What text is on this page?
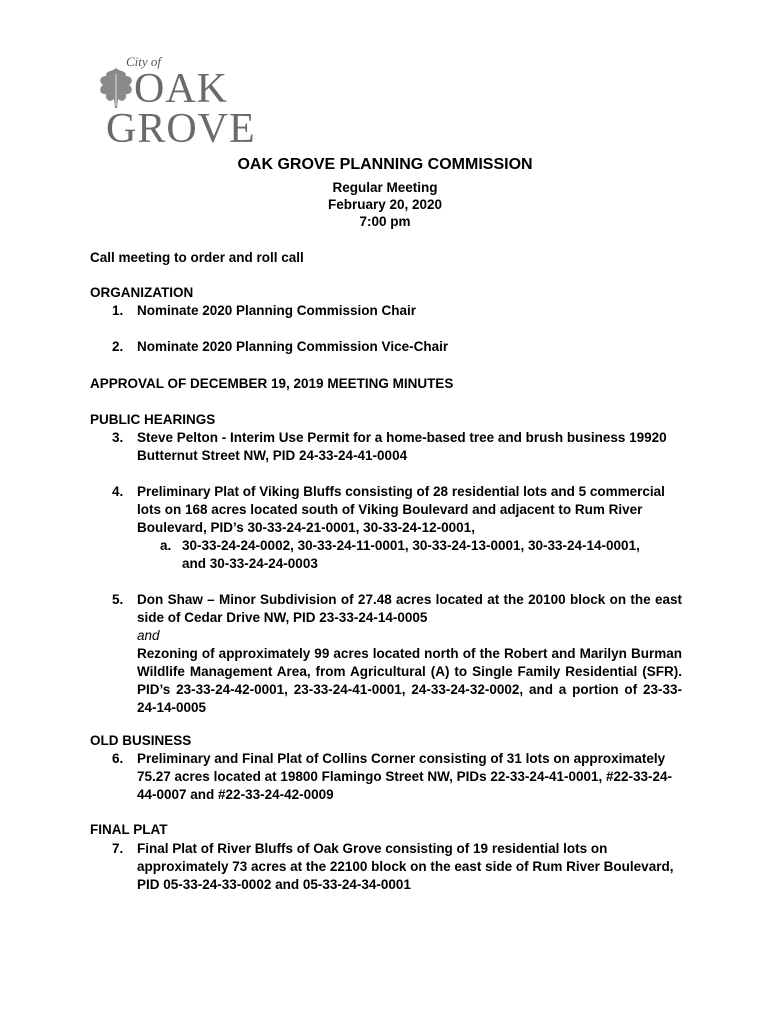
City of
OAK
GROVE
OAK GROVE PLANNING COMMISSION
Regular Meeting
February 20, 2020
7:00 pm
Call meeting to order and roll call
ORGANIZATION
1. Nominate 2020 Planning Commission Chair
2. Nominate 2020 Planning Commission Vice-Chair
APPROVAL OF DECEMBER 19, 2019 MEETING MINUTES
PUBLIC HEARINGS
3. Steve Pelton - Interim Use Permit for a home-based tree and brush business 19920 Butternut Street NW, PID 24-33-24-41-0004
4. Preliminary Plat of Viking Bluffs consisting of 28 residential lots and 5 commercial lots on 168 acres located south of Viking Boulevard and adjacent to Rum River Boulevard, PID’s 30-33-24-21-0001, 30-33-24-12-0001,
a. 30-33-24-24-0002, 30-33-24-11-0001, 30-33-24-13-0001, 30-33-24-14-0001, and 30-33-24-24-0003
5. Don Shaw – Minor Subdivision of 27.48 acres located at the 20100 block on the east side of Cedar Drive NW, PID 23-33-24-14-0005
and
Rezoning of approximately 99 acres located north of the Robert and Marilyn Burman Wildlife Management Area, from Agricultural (A) to Single Family Residential (SFR). PID’s 23-33-24-42-0001, 23-33-24-41-0001, 24-33-24-32-0002, and a portion of 23-33-24-14-0005
OLD BUSINESS
6. Preliminary and Final Plat of Collins Corner consisting of 31 lots on approximately 75.27 acres located at 19800 Flamingo Street NW, PIDs 22-33-24-41-0001, #22-33-24-44-0007 and #22-33-24-42-0009
FINAL PLAT
7. Final Plat of River Bluffs of Oak Grove consisting of 19 residential lots on approximately 73 acres at the 22100 block on the east side of Rum River Boulevard, PID 05-33-24-33-0002 and 05-33-24-34-0001
